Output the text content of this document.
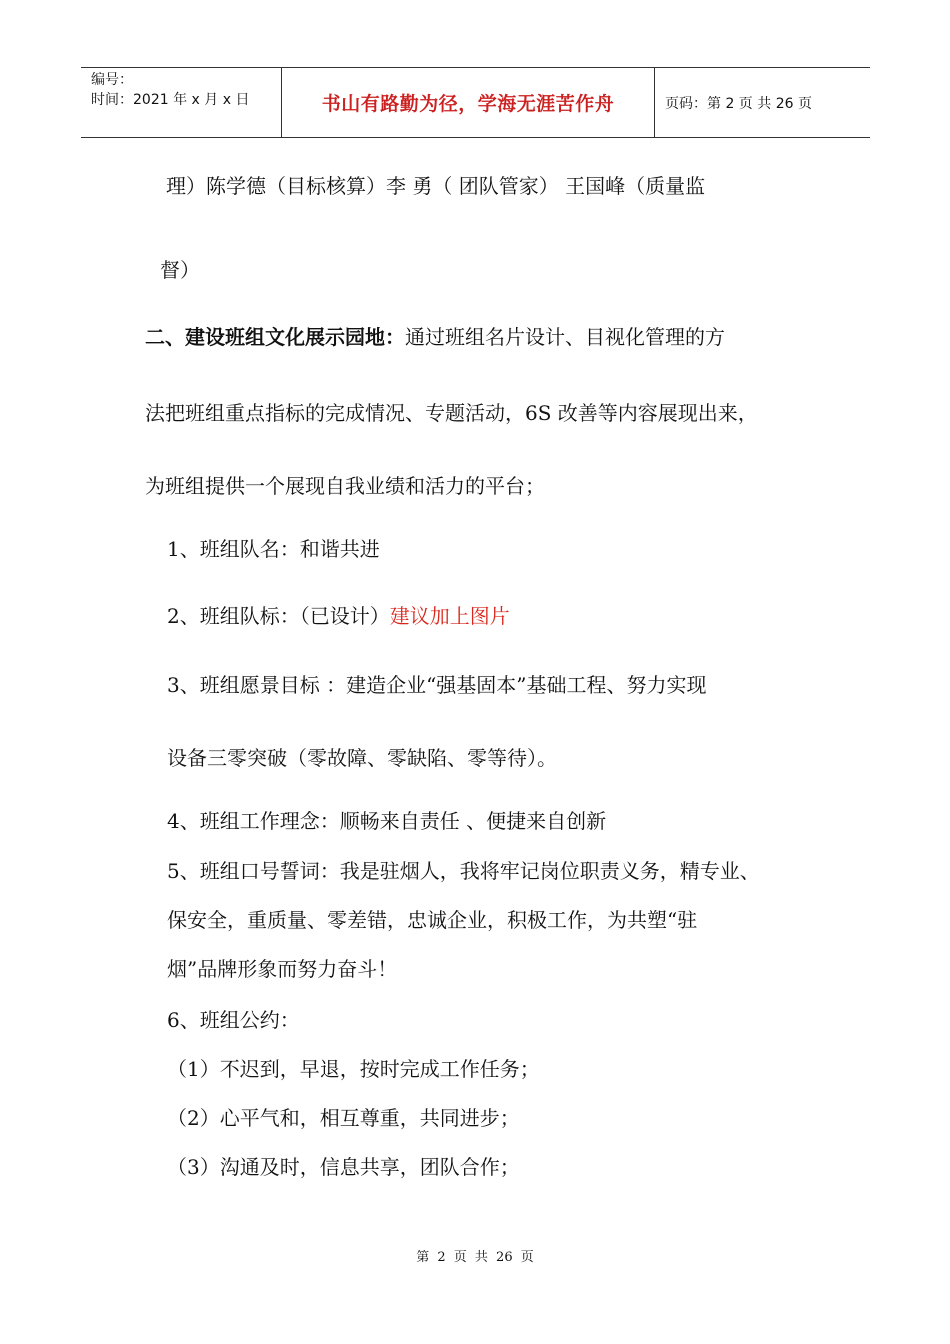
编号：
时间：2021 年 x 月 x 日	书山有路勤为径，学海无涯苦作舟	页码：第 2 页 共 26 页
理）陈学德（目标核算）李 勇（ 团队管家） 王国峰（质量监
督）
二、建设班组文化展示园地：通过班组名片设计、目视化管理的方
法把班组重点指标的完成情况、专题活动，6S 改善等内容展现出来，
为班组提供一个展现自我业绩和活力的平台；
1、班组队名：和谐共进
2、班组队标：（已设计）建议加上图片
3、班组愿景目标 ：建造企业“强基固本”基础工程、努力实现
设备三零突破（零故障、零缺陷、零等待）。
4、班组工作理念：顺畅来自责任 、便捷来自创新
5、班组口号誓词：我是驻烟人，我将牢记岗位职责义务，精专业、
保安全，重质量、零差错，忠诚企业，积极工作，为共塑“驻
烟”品牌形象而努力奋斗！
6、班组公约：
（1）不迟到，早退，按时完成工作任务；
（2）心平气和，相互尊重，共同进步；
（3）沟通及时，信息共享，团队合作；
第 2 页 共 26 页
